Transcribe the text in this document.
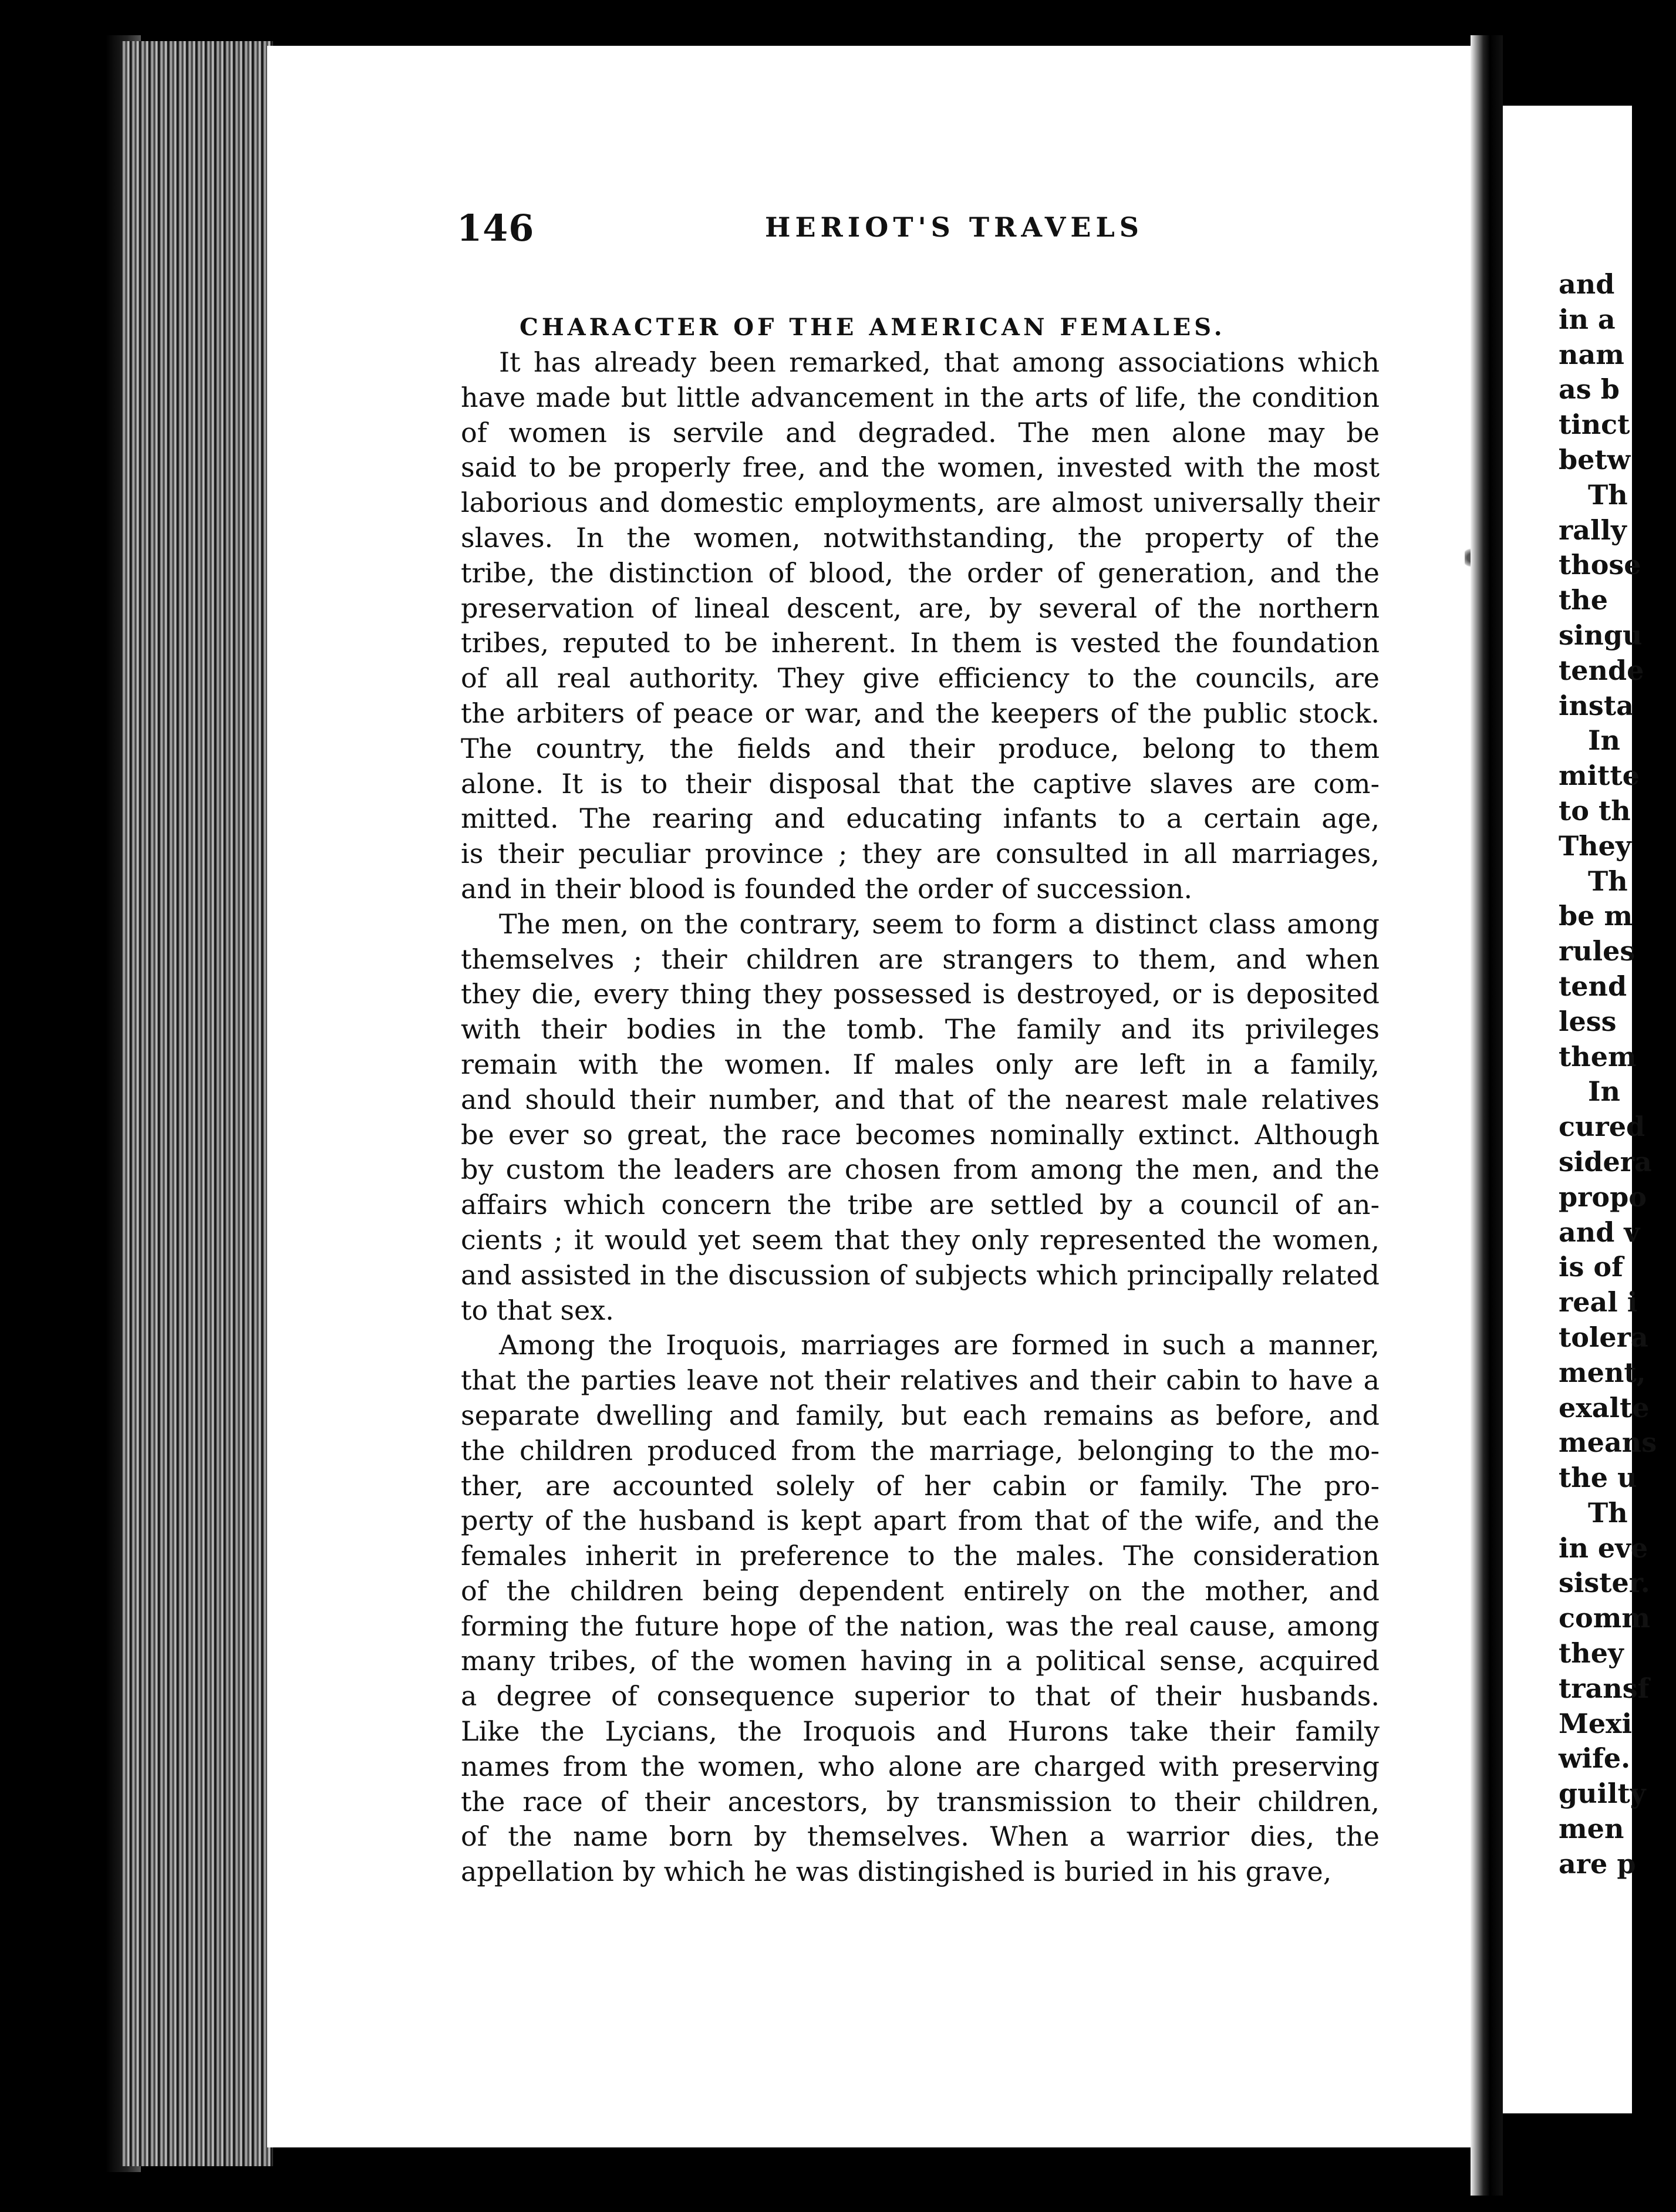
146	HERIOT'S TRAVELS
CHARACTER OF THE AMERICAN FEMALES.
It has already been remarked, that among associations which
have made but little advancement in the arts of life, the condition
of women is servile and degraded. The men alone may be
said to be properly free, and the women, invested with the most
laborious and domestic employments, are almost universally their
slaves. In the women, notwithstanding, the property of the
tribe, the distinction of blood, the order of generation, and the
preservation of lineal descent, are, by several of the northern
tribes, reputed to be inherent. In them is vested the foundation
of all real authority. They give efficiency to the councils, are
the arbiters of peace or war, and the keepers of the public stock.
The country, the fields and their produce, belong to them
alone. It is to their disposal that the captive slaves are com-
mitted. The rearing and educating infants to a certain age,
is their peculiar province ; they are consulted in all marriages,
and in their blood is founded the order of succession.
The men, on the contrary, seem to form a distinct class among
themselves ; their children are strangers to them, and when
they die, every thing they possessed is destroyed, or is deposited
with their bodies in the tomb. The family and its privileges
remain with the women. If males only are left in a family,
and should their number, and that of the nearest male relatives
be ever so great, the race becomes nominally extinct. Although
by custom the leaders are chosen from among the men, and the
affairs which concern the tribe are settled by a council of an-
cients ; it would yet seem that they only represented the women,
and assisted in the discussion of subjects which principally related
to that sex.
Among the Iroquois, marriages are formed in such a manner,
that the parties leave not their relatives and their cabin to have a
separate dwelling and family, but each remains as before, and
the children produced from the marriage, belonging to the mo-
ther, are accounted solely of her cabin or family. The pro-
perty of the husband is kept apart from that of the wife, and the
females inherit in preference to the males. The consideration
of the children being dependent entirely on the mother, and
forming the future hope of the nation, was the real cause, among
many tribes, of the women having in a political sense, acquired
a degree of consequence superior to that of their husbands.
Like the Lycians, the Iroquois and Hurons take their family
names from the women, who alone are charged with preserving
the race of their ancestors, by transmission to their children,
of the name born by themselves. When a warrior dies, the
appellation by which he was distingished is buried in his grave,
and
in a
nam
as b
tinct
betw
Th
rally
those
the
singu
tende
insta
In
mitte
to th
They
Th
be m
rules
tend
less
them
In
cured
sidera
propo
and v
is of
real i
tolera
ment,
exalte
means
the u
Th
in eve
sister.
comm
they
transf
Mexi
wife.
guilty
men
are p
